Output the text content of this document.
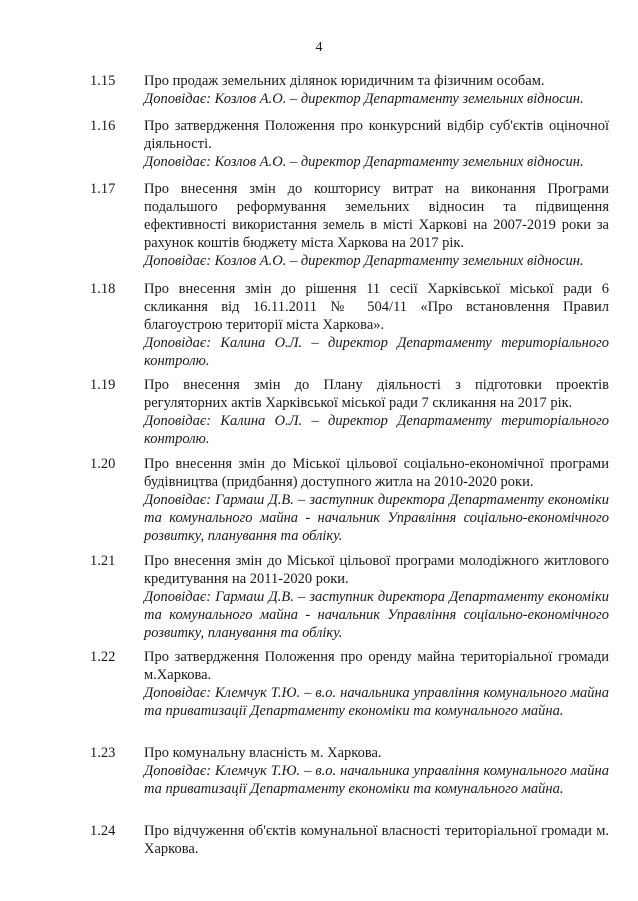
4
1.15 Про продаж земельних ділянок юридичним та фізичним особам.

Доповідає: Козлов А.О. – директор Департаменту земельних відносин.

1.16 Про затвердження Положення про конкурсний відбір суб'єктів оціночної діяльності.

Доповідає: Козлов А.О. – директор Департаменту земельних відносин.

1.17 Про внесення змін до кошторису витрат на виконання Програми подальшого реформування земельних відносин та підвищення ефективності використання земель в місті Харкові на 2007-2019 роки за рахунок коштів бюджету міста Харкова на 2017 рік.

Доповідає: Козлов А.О. – директор Департаменту земельних відносин.

1.18 Про внесення змін до рішення 11 сесії Харківської міської ради 6 скликання від 16.11.2011 № 504/11 «Про встановлення Правил благоустрою території міста Харкова».

Доповідає: Калина О.Л. – директор Департаменту територіального контролю.

1.19 Про внесення змін до Плану діяльності з підготовки проектів регуляторних актів Харківської міської ради 7 скликання на 2017 рік.

Доповідає: Калина О.Л. – директор Департаменту територіального контролю.

1.20 Про внесення змін до Міської цільової соціально-економічної програми будівництва (придбання) доступного житла на 2010-2020 роки.

Доповідає: Гармаш Д.В. – заступник директора Департаменту економіки та комунального майна - начальник Управління соціально-економічного розвитку, планування та обліку.

1.21 Про внесення змін до Міської цільової програми молодіжного житлового кредитування на 2011-2020 роки.

Доповідає: Гармаш Д.В. – заступник директора Департаменту економіки та комунального майна - начальник Управління соціально-економічного розвитку, планування та обліку.

1.22 Про затвердження Положення про оренду майна територіальної громади м.Харкова.

Доповідає: Клемчук Т.Ю. – в.о. начальника управління комунального майна та приватизації Департаменту економіки та комунального майна.

1.23 Про комунальну власність м. Харкова.

Доповідає: Клемчук Т.Ю. – в.о. начальника управління комунального майна та приватизації Департаменту економіки та комунального майна.

1.24 Про відчуження об'єктів комунальної власності територіальної громади м. Харкова.
